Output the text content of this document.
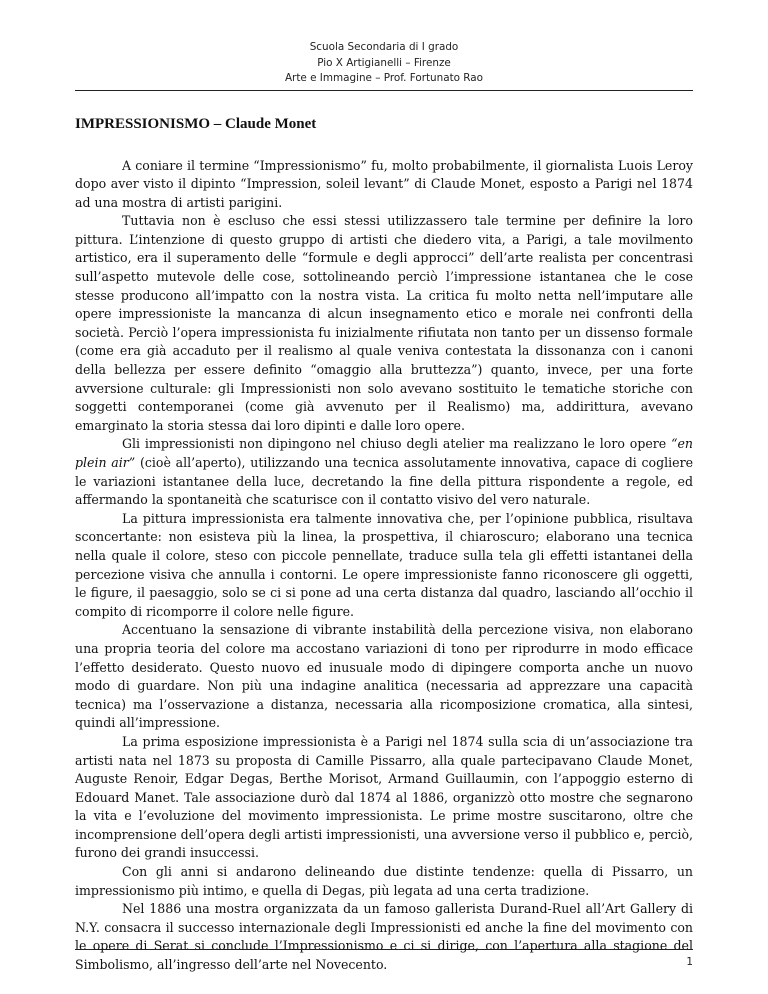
Scuola Secondaria di I grado
Pio X Artigianelli – Firenze
Arte e Immagine – Prof. Fortunato Rao
IMPRESSIONISMO – Claude Monet

A coniare il termine “Impressionismo” fu, molto probabilmente, il giornalista Luois Leroy dopo aver visto il dipinto “Impression, soleil levant” di Claude Monet, esposto a Parigi nel 1874 ad una mostra di artisti parigini.

Tuttavia non è escluso che essi stessi utilizzassero tale termine per definire la loro pittura. L’intenzione di questo gruppo di artisti che diedero vita, a Parigi, a tale movilmento artistico, era il superamento delle “formule e degli approcci” dell’arte realista per concentrasi sull’aspetto mutevole delle cose, sottolineando perciò l’impressione istantanea che le cose stesse producono all’impatto con la nostra vista. La critica fu molto netta nell’imputare alle opere impressioniste la mancanza di alcun insegnamento etico e morale nei confronti della società. Perciò l’opera impressionista fu inizialmente rifiutata non tanto per un dissenso formale (come era già accaduto per il realismo al quale veniva contestata la dissonanza con i canoni della bellezza per essere definito “omaggio alla bruttezza”) quanto, invece, per una forte avversione culturale: gli Impressionisti non solo avevano sostituito le tematiche storiche con soggetti contemporanei (come già avvenuto per il Realismo) ma, addirittura, avevano emarginato la storia stessa dai loro dipinti e dalle loro opere.

Gli impressionisti non dipingono nel chiuso degli atelier ma realizzano le loro opere “en plein air” (cioè all’aperto), utilizzando una tecnica assolutamente innovativa, capace di cogliere le variazioni istantanee della luce, decretando la fine della pittura rispondente a regole, ed affermando la spontaneità che scaturisce con il contatto visivo del vero naturale.

La pittura impressionista era talmente innovativa che, per l’opinione pubblica, risultava sconcertante: non esisteva più la linea, la prospettiva, il chiaroscuro; elaborano una tecnica nella quale il colore, steso con piccole pennellate, traduce sulla tela gli effetti istantanei della percezione visiva che annulla i contorni. Le opere impressioniste fanno riconoscere gli oggetti, le figure, il paesaggio, solo se ci si pone ad una certa distanza dal quadro, lasciando all’occhio il compito di ricomporre il colore nelle figure.

Accentuano la sensazione di vibrante instabilità della percezione visiva, non elaborano una propria teoria del colore ma accostano variazioni di tono per riprodurre in modo efficace l’effetto desiderato. Questo nuovo ed inusuale modo di dipingere comporta anche un nuovo modo di guardare. Non più una indagine analitica (necessaria ad apprezzare una capacità tecnica) ma l’osservazione a distanza, necessaria alla ricomposizione cromatica, alla sintesi, quindi all’impressione.

La prima esposizione impressionista è a Parigi nel 1874 sulla scia di un’associazione tra artisti nata nel 1873 su proposta di Camille Pissarro, alla quale partecipavano Claude Monet, Auguste Renoir, Edgar Degas, Berthe Morisot, Armand Guillaumin, con l’appoggio esterno di Edouard Manet. Tale associazione durò dal 1874 al 1886, organizzò otto mostre che segnarono la vita e l’evoluzione del movimento impressionista. Le prime mostre suscitarono, oltre che incomprensione dell’opera degli artisti impressionisti, una avversione verso il pubblico e, perciò, furono dei grandi insuccessi.

Con gli anni si andarono delineando due distinte tendenze: quella di Pissarro, un impressionismo più intimo, e quella di Degas, più legata ad una certa tradizione.

Nel 1886 una mostra organizzata da un famoso gallerista Durand-Ruel all’Art Gallery di N.Y. consacra il successo internazionale degli Impressionisti ed anche la fine del movimento con le opere di Serat si conclude l’Impressionismo e ci si dirige, con l’apertura alla stagione del Simbolismo, all’ingresso dell’arte nel Novecento.	1
